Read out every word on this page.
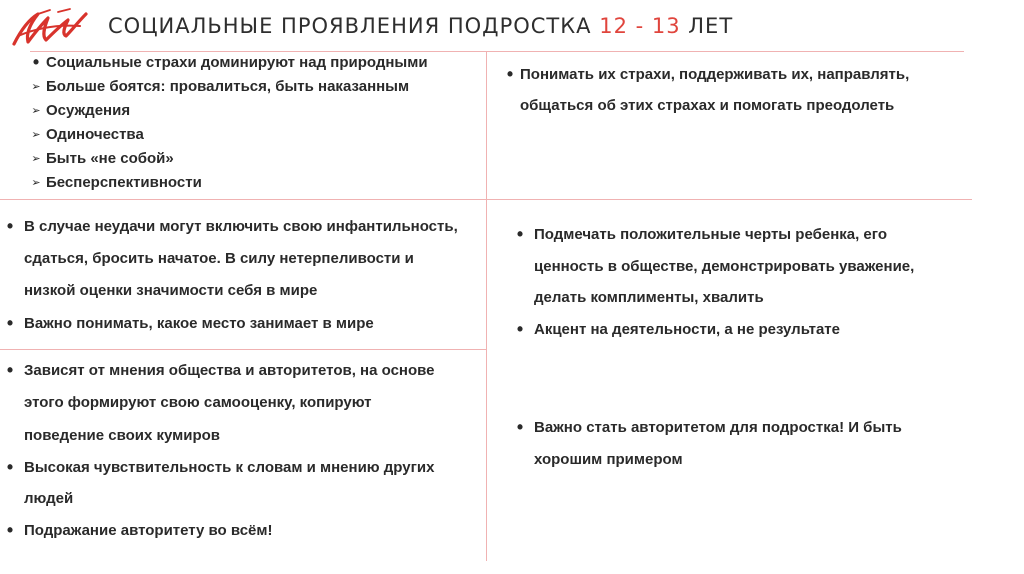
СОЦИАЛЬНЫЕ ПРОЯВЛЕНИЯ ПОДРОСТКА 12 - 13 ЛЕТ
• Социальные страхи доминируют над природными
➢ Больше боятся: провалиться, быть наказанным
➢ Осуждения
➢ Одиночества
➢ Быть «не собой»
➢ Бесперспективности
• Понимать их страхи, поддерживать их, направлять,
общаться об этих страхах и помогать преодолеть
• В случае неудачи могут включить свою инфантильность,
сдаться, бросить начатое. В силу нетерпеливости и
низкой оценки значимости себя в мире
• Важно понимать, какое место занимает в мире
• Подмечать положительные черты ребенка, его
ценность в обществе, демонстрировать уважение,
делать комплименты, хвалить
• Акцент на деятельности, а не результате
• Зависят от мнения общества и авторитетов, на основе
этого формируют свою самооценку, копируют
поведение своих кумиров
• Высокая чувствительность к словам и мнению других
людей
• Подражание авторитету во всём!
• Важно стать авторитетом для подростка! И быть
хорошим примером
